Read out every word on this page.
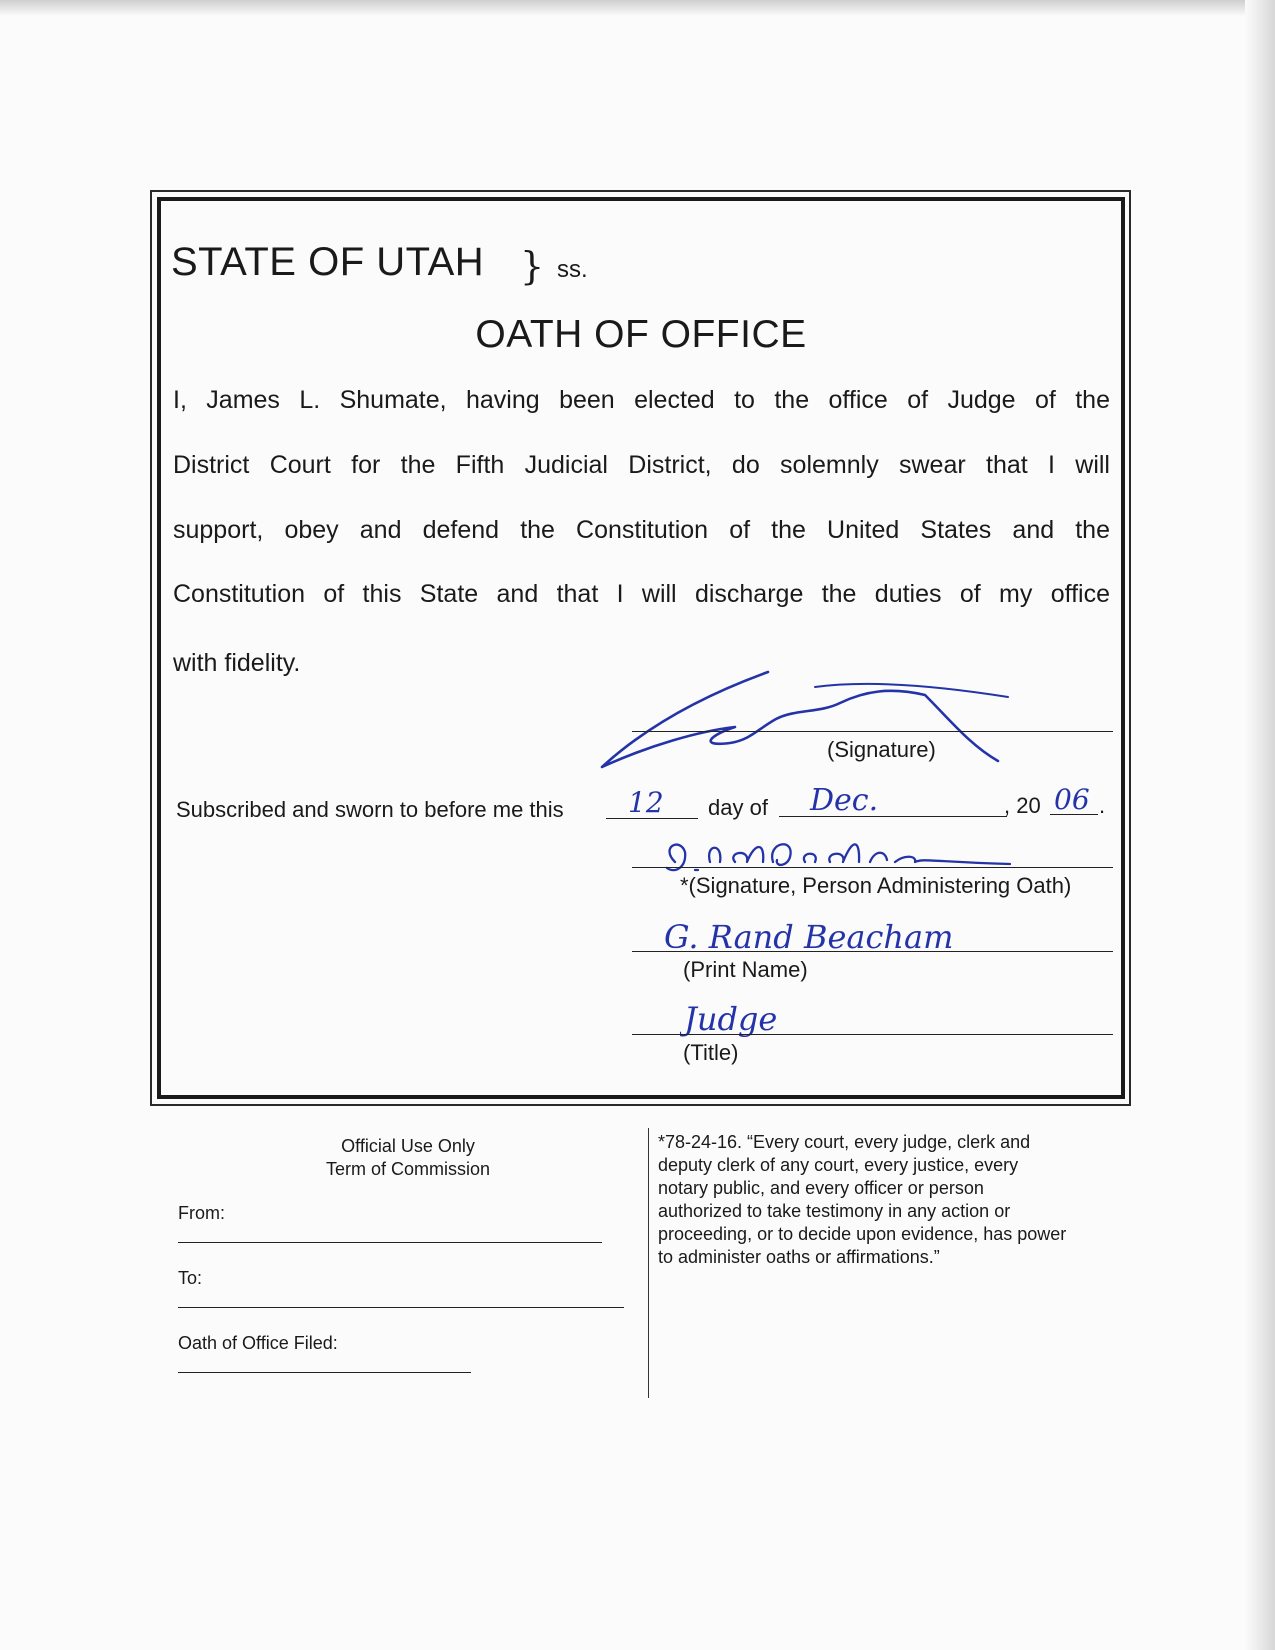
STATE OF UTAH } ss.
OATH OF OFFICE
I, James L. Shumate, having been elected to the office of Judge of the
District Court for the Fifth Judicial District, do solemnly swear that I will
support, obey and defend the Constitution of the United States and the
Constitution of this State and that I will discharge the duties of my office
with fidelity.
(Signature)
Subscribed and sworn to before me this 12 day of Dec.	, 20 06 .
*(Signature, Person Administering Oath)
G. Rand Beacham
(Print Name)
Judge
(Title)
Official Use Only
Term of Commission
From:
To:
Oath of Office Filed:
*78-24-16. “Every court, every judge, clerk and
deputy clerk of any court, every justice, every
notary public, and every officer or person
authorized to take testimony in any action or
proceeding, or to decide upon evidence, has power
to administer oaths or affirmations.”
